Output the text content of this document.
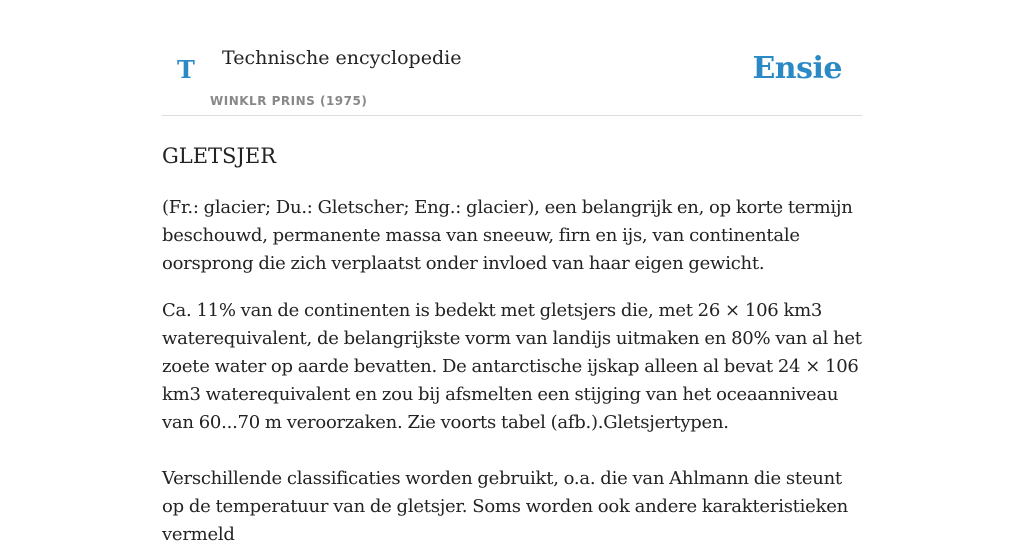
T Technische encyclopedie
WINKLR PRINS (1975)
Ensie
GLETSJER

(Fr.: glacier; Du.: Gletscher; Eng.: glacier), een belangrijk en, op korte termijn beschouwd, permanente massa van sneeuw, firn en ijs, van continentale oorsprong die zich verplaatst onder invloed van haar eigen gewicht.

Ca. 11% van de continenten is bedekt met gletsjers die, met 26 × 106 km3 waterequivalent, de belangrijkste vorm van landijs uitmaken en 80% van al het zoete water op aarde bevatten. De antarctische ijskap alleen al bevat 24 × 106 km3 waterequivalent en zou bij afsmelten een stijging van het oceaanniveau van 60...70 m veroorzaken. Zie voorts tabel (afb.).Gletsjertypen.

Verschillende classificaties worden gebruikt, o.a. die van Ahlmann die steunt op de temperatuur van de gletsjer. Soms worden ook andere karakteristieken vermeld
